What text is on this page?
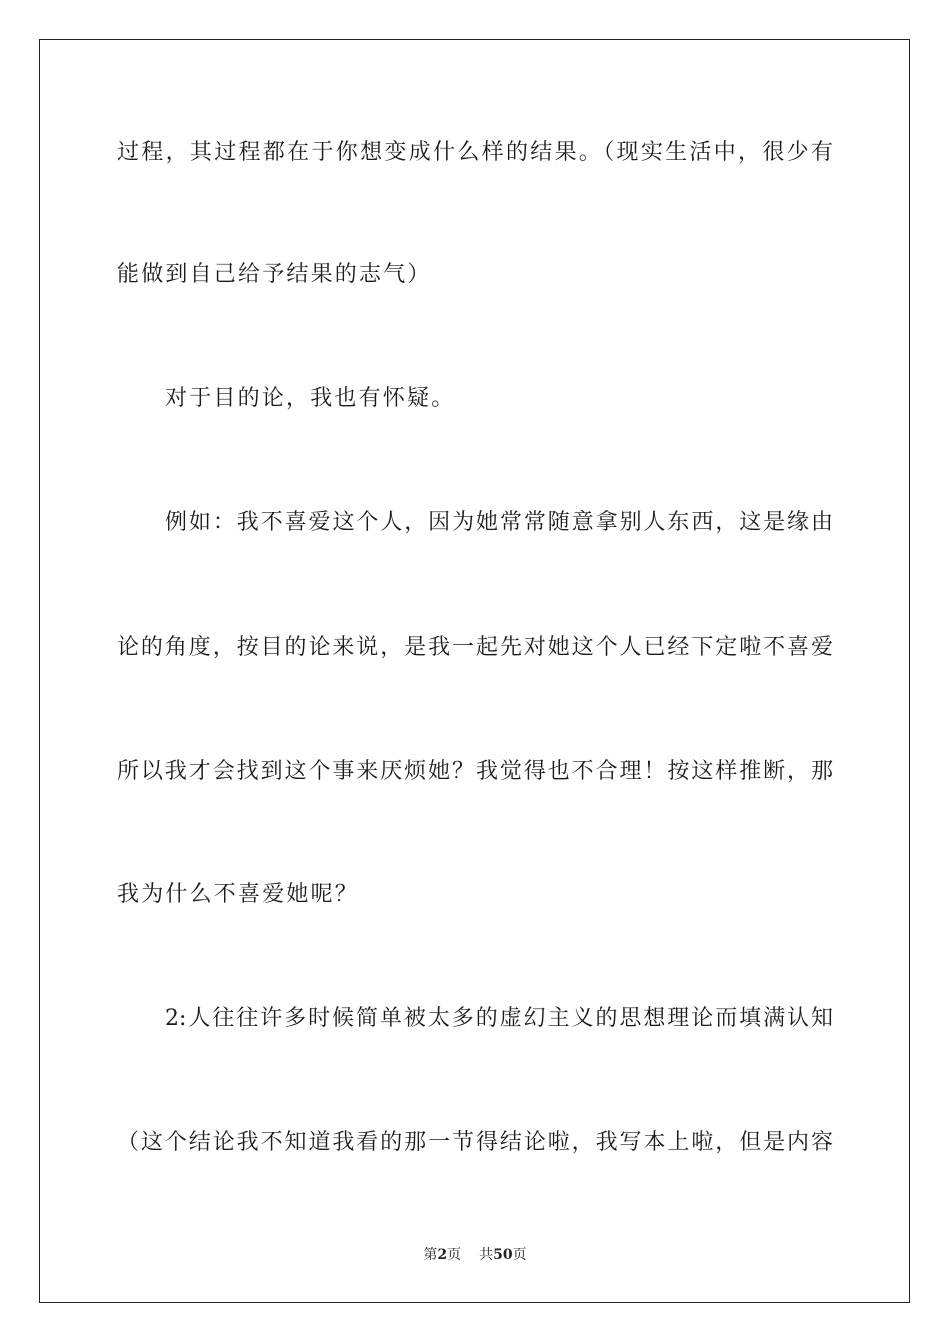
过程，其过程都在于你想变成什么样的结果。（现实生活中，很少有
能做到自己给予结果的志气）
对于目的论，我也有怀疑。
例如：我不喜爱这个人，因为她常常随意拿别人东西，这是缘由
论的角度，按目的论来说，是我一起先对她这个人已经下定啦不喜爱
所以我才会找到这个事来厌烦她？我觉得也不合理！按这样推断，那
我为什么不喜爱她呢？
2:人往往许多时候简单被太多的虚幻主义的思想理论而填满认知
（这个结论我不知道我看的那一节得结论啦，我写本上啦，但是内容
第2页 共50页
